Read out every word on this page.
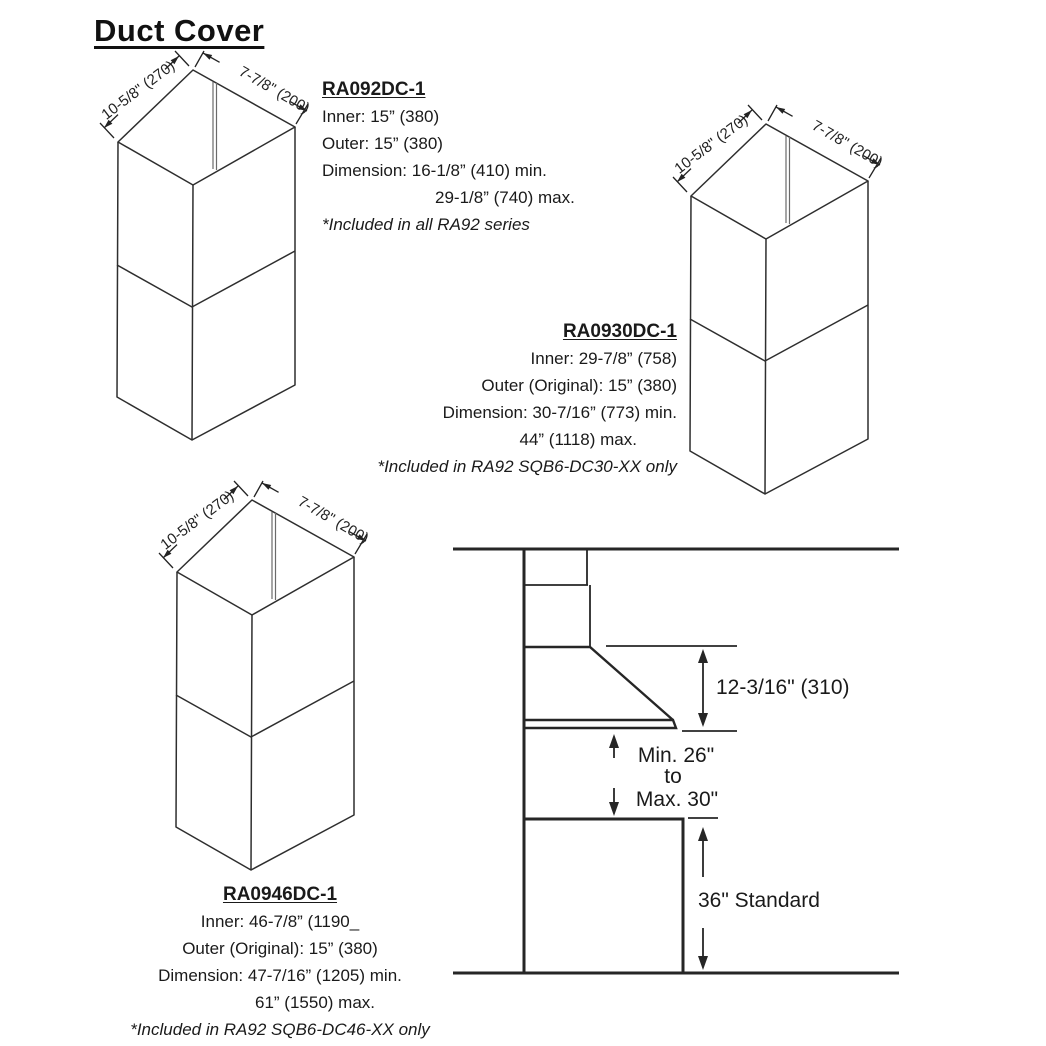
Duct Cover
10-5/8" (270)	7-7/8" (200)
10-5/8" (270)	7-7/8" (200)
10-5/8" (270)	7-7/8" (200)
RA092DC-1
Inner: 15” (380)
Outer: 15” (380)
Dimension: 16-1/8” (410) min.
29-1/8” (740) max.
*Included in all RA92 series
RA0930DC-1
Inner: 29-7/8” (758)
Outer (Original): 15” (380)
Dimension: 30-7/16” (773) min.
44” (1118) max.
*Included in RA92 SQB6-DC30-XX only
RA0946DC-1
Inner: 46-7/8” (1190_
Outer (Original): 15” (380)
Dimension: 47-7/16” (1205) min.
61” (1550) max.
*Included in RA92 SQB6-DC46-XX only
12-3/16" (310)
Min. 26"
to
Max. 30"
36" Standard
